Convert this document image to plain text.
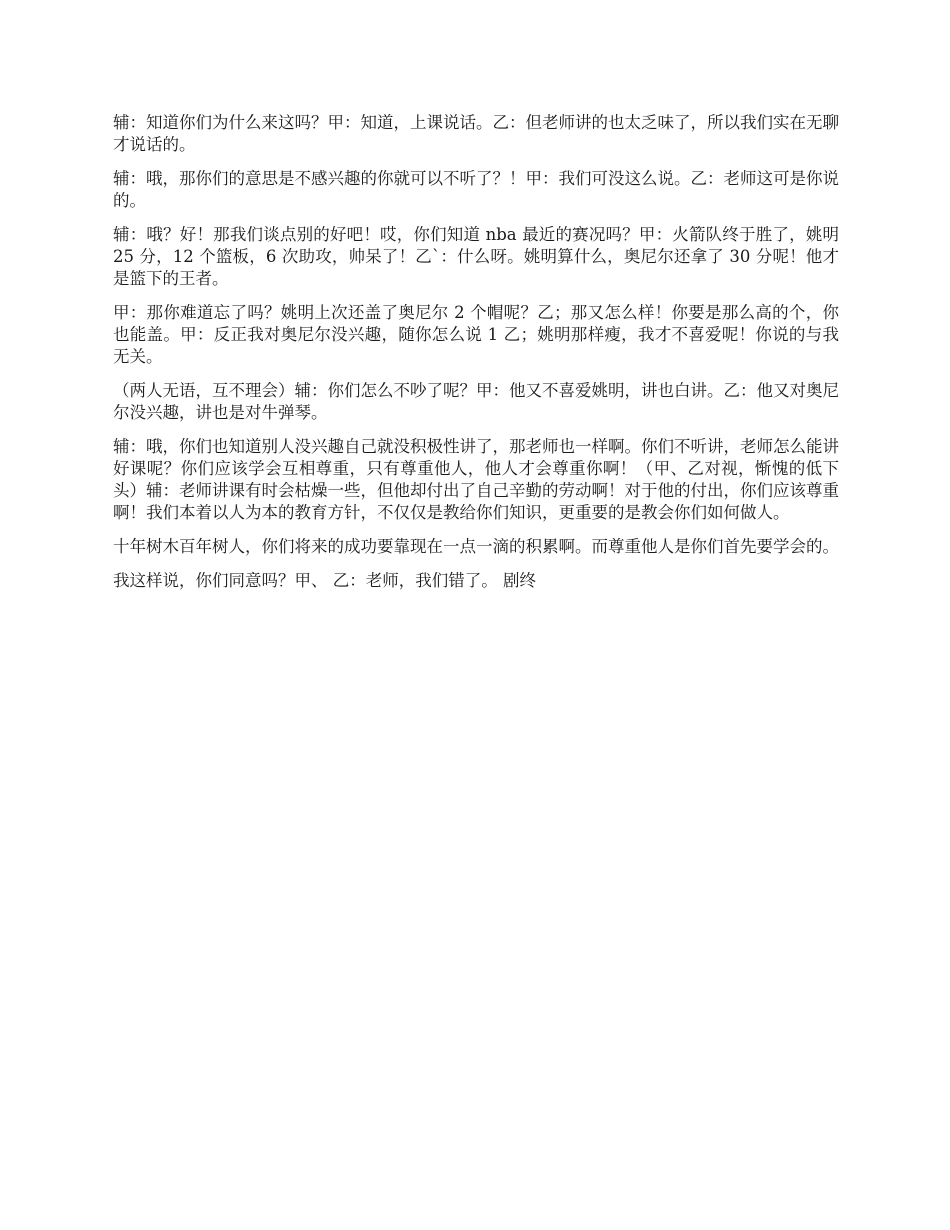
辅：知道你们为什么来这吗？甲：知道，上课说话。乙：但老师讲的也太乏味了，所以我们实在无聊才说话的。

辅：哦，那你们的意思是不感兴趣的你就可以不听了？！甲：我们可没这么说。乙：老师这可是你说的。

辅：哦？好！那我们谈点别的好吧！哎，你们知道 nba 最近的赛况吗？甲：火箭队终于胜了，姚明 25 分，12 个篮板，6 次助攻，帅呆了！乙`：什么呀。姚明算什么，奥尼尔还拿了 30 分呢！他才是篮下的王者。

甲：那你难道忘了吗？姚明上次还盖了奥尼尔 2 个帽呢？乙；那又怎么样！你要是那么高的个，你也能盖。甲：反正我对奥尼尔没兴趣，随你怎么说 1 乙；姚明那样瘦，我才不喜爱呢！你说的与我无关。

（两人无语，互不理会）辅：你们怎么不吵了呢？甲：他又不喜爱姚明，讲也白讲。乙：他又对奥尼尔没兴趣，讲也是对牛弹琴。

辅：哦，你们也知道别人没兴趣自己就没积极性讲了，那老师也一样啊。你们不听讲，老师怎么能讲好课呢？你们应该学会互相尊重，只有尊重他人，他人才会尊重你啊！（甲、乙对视，惭愧的低下头）辅：老师讲课有时会枯燥一些，但他却付出了自己辛勤的劳动啊！对于他的付出，你们应该尊重啊！我们本着以人为本的教育方针，不仅仅是教给你们知识，更重要的是教会你们如何做人。

十年树木百年树人，你们将来的成功要靠现在一点一滴的积累啊。而尊重他人是你们首先要学会的。

我这样说，你们同意吗？甲、 乙：老师，我们错了。 剧终
